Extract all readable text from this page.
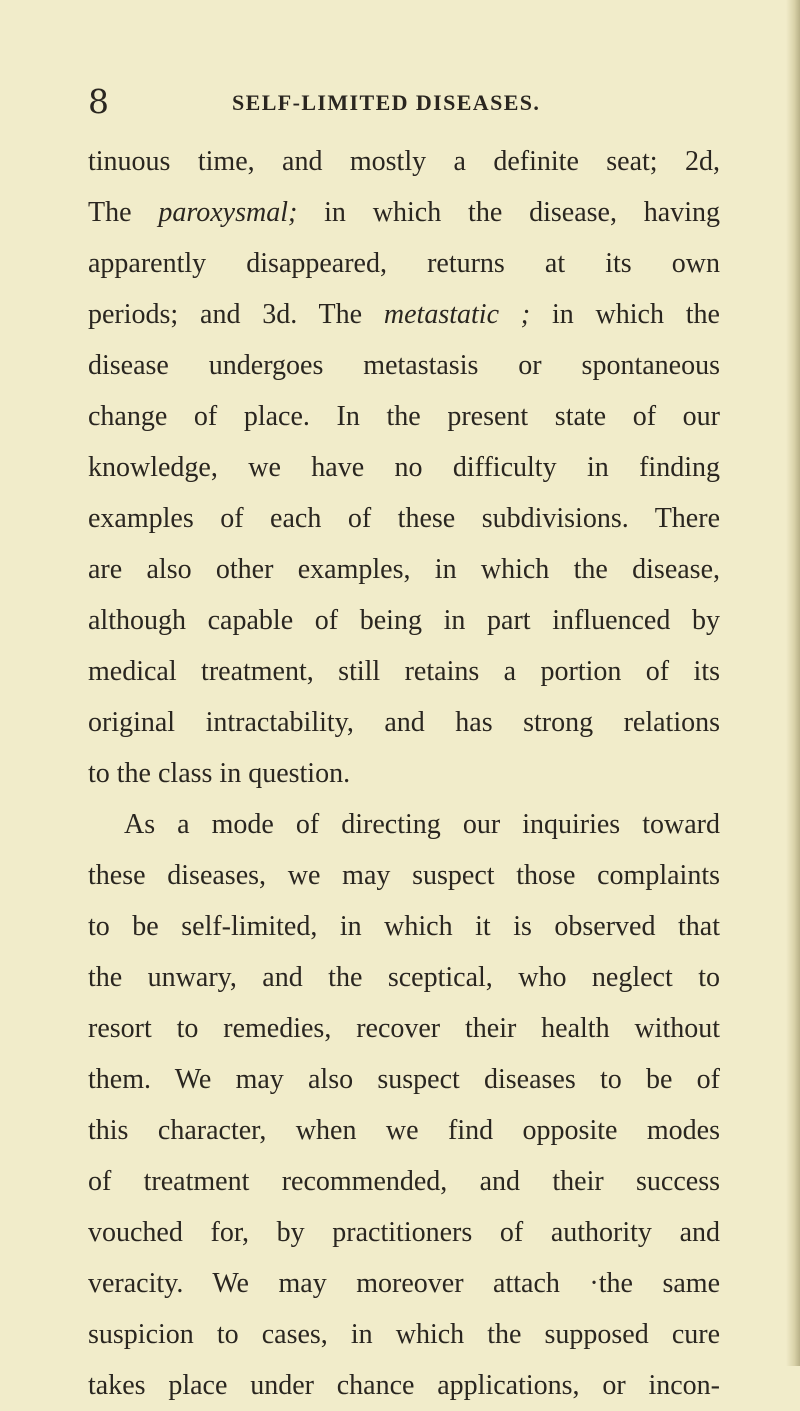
8	SELF-LIMITED DISEASES.
tinuous time, and mostly a definite seat; 2d,
The paroxysmal; in which the disease, having
apparently disappeared, returns at its own
periods; and 3d. The metastatic ; in which the
disease undergoes metastasis or spontaneous
change of place. In the present state of our
knowledge, we have no difficulty in finding
examples of each of these subdivisions. There
are also other examples, in which the disease,
although capable of being in part influenced by
medical treatment, still retains a portion of its
original intractability, and has strong relations
to the class in question.
As a mode of directing our inquiries toward
these diseases, we may suspect those complaints
to be self-limited, in which it is observed that
the unwary, and the sceptical, who neglect to
resort to remedies, recover their health without
them. We may also suspect diseases to be of
this character, when we find opposite modes
of treatment recommended, and their success
vouched for, by practitioners of authority and
veracity. We may moreover attach ·the same
suspicion to cases, in which the supposed cure
takes place under chance applications, or incon-
